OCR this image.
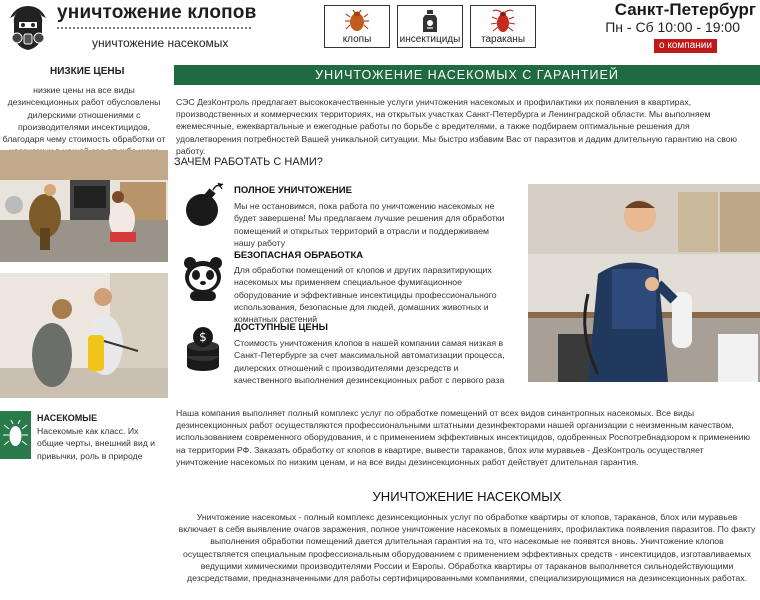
уничтожение клопов
уничтожение насекомых	клопы	инсектициды	тараканы
Санкт-Петербург
Пн - Сб 10:00 - 19:00
о компании
НИЗКИЕ ЦЕНЫ
низкие цены на все виды дезинсекционных работ обусловлены дилерскими отношениями с производителями инсектицидов, благодаря чему стоимость обработки от
НАСЕКОМЫЕ
Насекомые как класс. Их общие черты, внешний вид и привычки, роль в природе
УНИЧТОЖЕНИЕ НАСЕКОМЫХ С ГАРАНТИЕЙ
СЭС ДезКонтроль предлагает высококачественные услуги уничтожения насекомых и профилактики их появления в квартирах, производственных и коммерческих территориях, на открытых участках Санкт-Петербурга и Ленинградской области. Мы выполняем ежемесячные, ежеквартальные и ежегодные работы по борьбе с вредителями, а также подбираем оптимальные решения для удовлетворения потребностей Вашей уникальной ситуации. Мы быстро избавим Вас от паразитов и дадим длительную гарантию на свою работу.
ЗАЧЕМ РАБОТАТЬ С НАМИ?
ПОЛНОЕ УНИЧТОЖЕНИЕ
Мы не остановимся, пока работа по уничтожению насекомых не будет завершена! Мы предлагаем лучшие решения для обработки помещений и открытых территорий в отрасли и поддерживаем нашу работу
БЕЗОПАСНАЯ ОБРАБОТКА
Для обработки помещений от клопов и других паразитирующих насекомых мы применяем специальное фумигационное оборудование и эффективные инсектициды профессионального использования, безопасные для людей, домашних животных и комнатных растений
$
ДОСТУПНЫЕ ЦЕНЫ
Стоимость уничтожения клопов в нашей компании самая низкая в Санкт-Петербурге за счет максимальной автоматизации процесса, дилерских отношений с производителями дезсредств и качественного выполнения дезинсекционных работ с первого раза
Наша компания выполняет полный комплекс услуг по обработке помещений от всех видов синантропных насекомых. Все виды дезинсекционных работ осуществляются профессиональными штатными дезинфекторами нашей организации с неизменным качеством, использованием современного оборудования, и с применением эффективных инсектицидов, одобренных Роспотребнадзором к применению на территории РФ. Заказать обработку от клопов в квартире, вывести тараканов, блох или муравьев - ДезКонтроль осуществляет уничтожение насекомых по низким ценам, и на все виды дезинсекционных работ действует длительная гарантия.
УНИЧТОЖЕНИЕ НАСЕКОМЫХ
Уничтожение насекомых - полный комплекс дезинсекционных услуг по обработке квартиры от клопов, тараканов, блох или муравьев включает в себя выявление очагов заражения, полное уничтожение насекомых в помещениях, профилактика появления паразитов. По факту выполнения обработки помещений дается длительная гарантия на то, что насекомые не появятся вновь. Уничтожение клопов осуществляется специальным профессиональным оборудованием с применением эффективных средств - инсектицидов, изготавливаемых ведущими химическими производителями России и Европы. Обработка квартиры от тараканов выполняется сильнодействующими дезсредствами, предназначенными для работы сертифицированными компаниями, специализирующимися на дезинсекционных работах.
